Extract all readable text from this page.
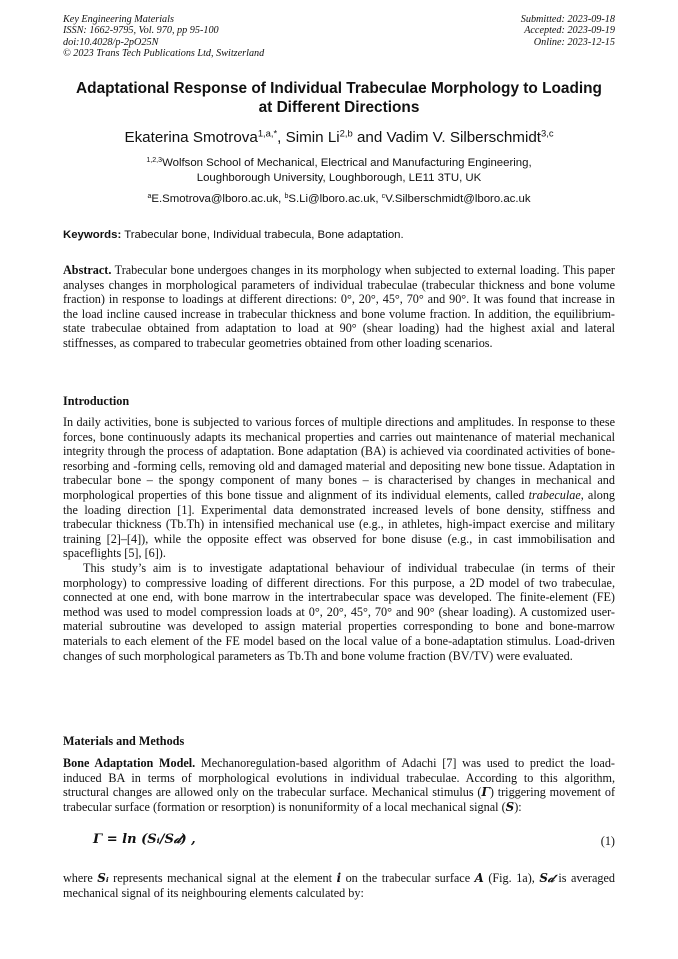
Key Engineering Materials
ISSN: 1662-9795, Vol. 970, pp 95-100
doi:10.4028/p-2pO25N
© 2023 Trans Tech Publications Ltd, Switzerland
Submitted: 2023-09-18
Accepted: 2023-09-19
Online: 2023-12-15
Adaptational Response of Individual Trabeculae Morphology to Loading
at Different Directions
Ekaterina Smotrova$^{1,a,*}$, Simin Li$^{2,b}$ and Vadim V. Silberschmidt$^{3,c}$
$^{1,2,3}$Wolfson School of Mechanical, Electrical and Manufacturing Engineering,
Loughborough University, Loughborough, LE11 3TU, UK
$^a$E.Smotrova@lboro.ac.uk, $^b$S.Li@lboro.ac.uk, $^c$V.Silberschmidt@lboro.ac.uk
Keywords: Trabecular bone, Individual trabecula, Bone adaptation.

Abstract. Trabecular bone undergoes changes in its morphology when subjected to external loading. This paper analyses changes in morphological parameters of individual trabeculae (trabecular thickness and bone volume fraction) in response to loadings at different directions: 0°, 20°, 45°, 70° and 90°. It was found that increase in the load incline caused increase in trabecular thickness and bone volume fraction. In addition, the equilibrium-state trabeculae obtained from adaptation to load at 90° (shear loading) had the highest axial and lateral stiffnesses, as compared to trabecular geometries obtained from other loading scenarios.

Introduction

In daily activities, bone is subjected to various forces of multiple directions and amplitudes. In response to these forces, bone continuously adapts its mechanical properties and carries out maintenance of material mechanical integrity through the process of adaptation. Bone adaptation (BA) is achieved via coordinated activities of bone-resorbing and -forming cells, removing old and damaged material and depositing new bone tissue. Adaptation in trabecular bone – the spongy component of many bones – is characterised by changes in mechanical and morphological properties of this bone tissue and alignment of its individual elements, called trabeculae, along the loading direction [1]. Experimental data demonstrated increased levels of bone density, stiffness and trabecular thickness (Tb.Th) in intensified mechanical use (e.g., in athletes, high-impact exercise and military training [2]–[4]), while the opposite effect was observed for bone disuse (e.g., in cast immobilisation and spaceflights [5], [6]).

This study’s aim is to investigate adaptational behaviour of individual trabeculae (in terms of their morphology) to compressive loading of different directions. For this purpose, a 2D model of two trabeculae, connected at one end, with bone marrow in the intertrabecular space was developed. The finite-element (FE) method was used to model compression loads at 0°, 20°, 45°, 70° and 90° (shear loading). A customized user-material subroutine was developed to assign material properties corresponding to bone and bone-marrow materials to each element of the FE model based on the local value of a bone-adaptation stimulus. Load-driven changes of such morphological parameters as Tb.Th and bone volume fraction (BV/TV) were evaluated.

Materials and Methods

Bone Adaptation Model. Mechanoregulation-based algorithm of Adachi [7] was used to predict the load-induced BA in terms of morphological evolutions in individual trabeculae. According to this algorithm, structural changes are allowed only on the trabecular surface. Mechanical stimulus (Γ) triggering movement of trabecular surface (formation or resorption) is nonuniformity of a local mechanical signal (S):

Γ = ln (Sᵢ/S𝒹) ,	(1)

where Sᵢ represents mechanical signal at the element i on the trabecular surface A (Fig. 1a), S𝒹 is averaged mechanical signal of its neighbouring elements calculated by:
